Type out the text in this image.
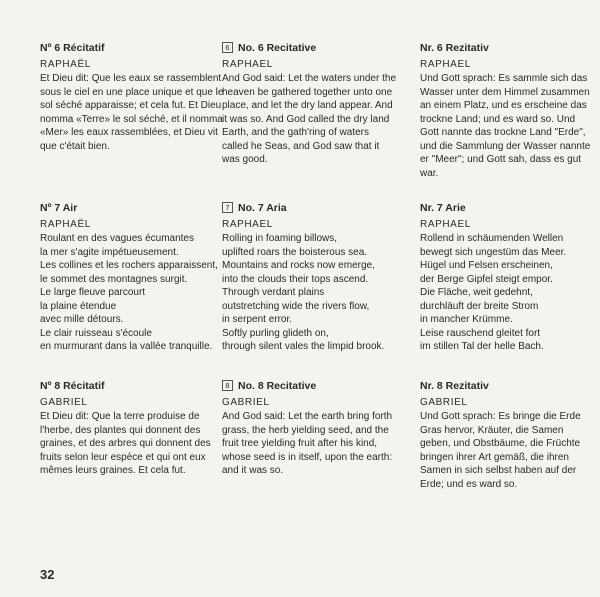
Nº 6 Récitatif
RAPHAËL
Et Dieu dit: Que les eaux se rassemblent
sous le ciel en une place unique et que le
sol séché apparaisse; et cela fut. Et Dieu
nomma «Terre» le sol séché, et il nomma
«Mer» les eaux rassemblées, et Dieu vit
que c'était bien.
Nº 7 Air
RAPHAËL
Roulant en des vagues écumantes
la mer s'agite impétueusement.
Les collines et les rochers apparaissent,
le sommet des montagnes surgit.
Le large fleuve parcourt
la plaine étendue
avec mille détours.
Le clair ruisseau s'écoule
en murmurant dans la vallée tranquille.
Nº 8 Récitatif
GABRIEL
Et Dieu dit: Que la terre produise de
l'herbe, des plantes qui donnent des
graines, et des arbres qui donnent des
fruits selon leur espèce et qui ont eux
mêmes leurs graines. Et cela fut.
6 No. 6 Recitative
RAPHAEL
And God said: Let the waters under the
heaven be gathered together unto one
place, and let the dry land appear. And
it was so. And God called the dry land
Earth, and the gath'ring of waters
called he Seas, and God saw that it
was good.
7 No. 7 Aria
RAPHAEL
Rolling in foaming billows,
uplifted roars the boisterous sea.
Mountains and rocks now emerge,
into the clouds their tops ascend.
Through verdant plains
outstretching wide the rivers flow,
in serpent error.
Softly purling glideth on,
through silent vales the limpid brook.
8 No. 8 Recitative
GABRIEL
And God said: Let the earth bring forth
grass, the herb yielding seed, and the
fruit tree yielding fruit after his kind,
whose seed is in itself, upon the earth:
and it was so.
Nr. 6 Rezitativ
RAPHAEL
Und Gott sprach: Es sammle sich das
Wasser unter dem Himmel zusammen
an einem Platz, und es erscheine das
trockne Land; und es ward so. Und
Gott nannte das trockne Land "Erde",
und die Sammlung der Wasser nannte
er "Meer"; und Gott sah, dass es gut
war.
Nr. 7 Arie
RAPHAEL
Rollend in schäumenden Wellen
bewegt sich ungestüm das Meer.
Hügel und Felsen erscheinen,
der Berge Gipfel steigt empor.
Die Fläche, weit gedehnt,
durchläuft der breite Strom
in mancher Krümme.
Leise rauschend gleitet fort
im stillen Tal der helle Bach.
Nr. 8 Rezitativ
GABRIEL
Und Gott sprach: Es bringe die Erde
Gras hervor, Kräuter, die Samen
geben, und Obstbäume, die Früchte
bringen ihrer Art gemäß, die ihren
Samen in sich selbst haben auf der
Erde; und es ward so.
32
